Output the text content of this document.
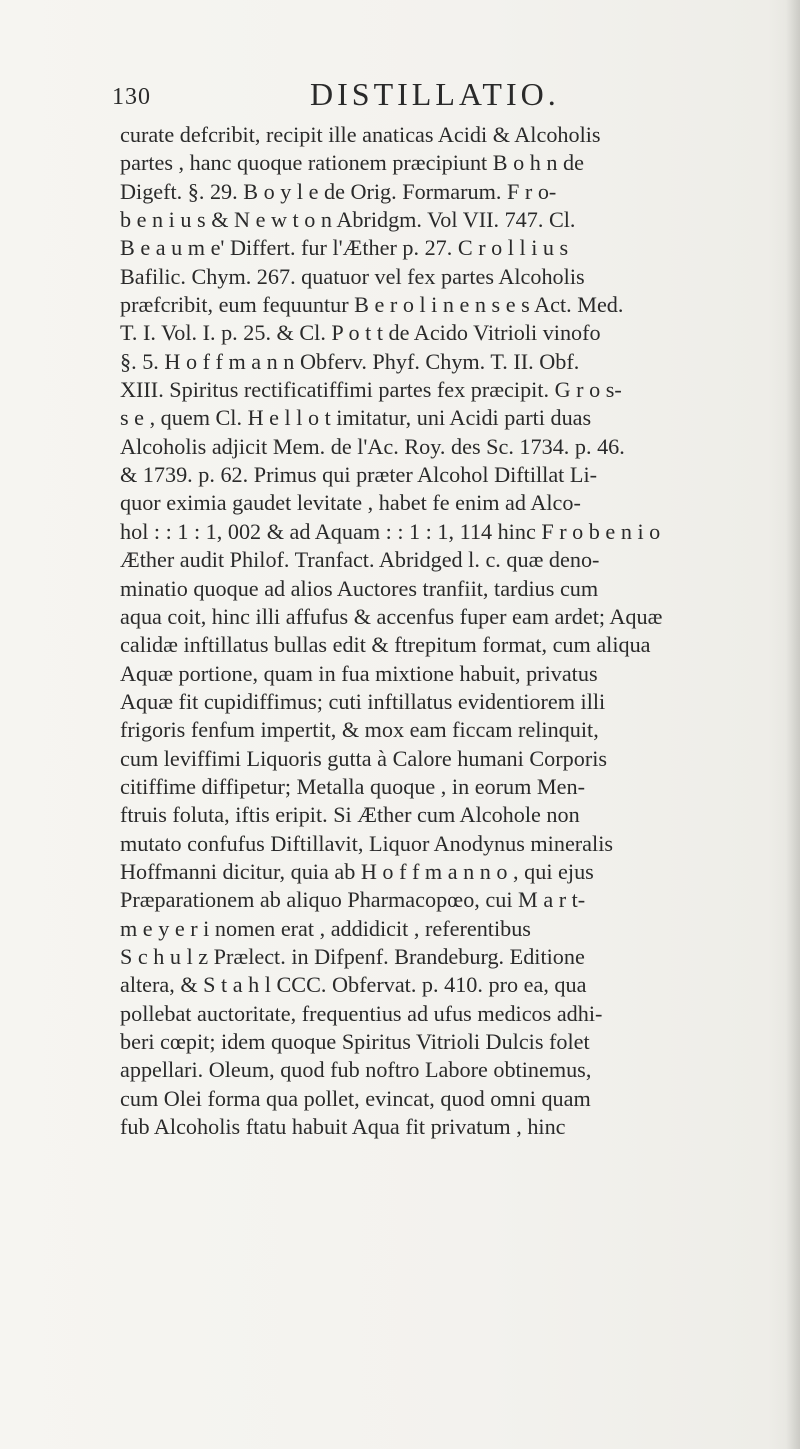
130	DISTILLATIO.
curate defcribit, recipit ille anaticas Acidi & Alcoholis
partes , hanc quoque rationem præcipiunt B o h n de
Digeft. §. 29. B o y l e de Orig. Formarum. F r o-
b e n i u s & N e w t o n Abridgm. Vol VII. 747. Cl.
B e a u m e' Differt. fur l'Æther p. 27. C r o l l i u s
Bafilic. Chym. 267. quatuor vel fex partes Alcoholis
præfcribit, eum fequuntur B e r o l i n e n s e s Act. Med.
T. I. Vol. I. p. 25. & Cl. P o t t de Acido Vitrioli vinofo
§. 5. H o f f m a n n Obferv. Phyf. Chym. T. II. Obf.
XIII. Spiritus rectificatiffimi partes fex præcipit. G r o s-
s e , quem Cl. H e l l o t imitatur, uni Acidi parti duas
Alcoholis adjicit Mem. de l'Ac. Roy. des Sc. 1734. p. 46.
& 1739. p. 62. Primus qui præter Alcohol Diftillat Li-
quor eximia gaudet levitate , habet fe enim ad Alco-
hol : : 1 : 1, 002 & ad Aquam : : 1 : 1, 114 hinc F r o b e n i o
Æther audit Philof. Tranfact. Abridged l. c. quæ deno-
minatio quoque ad alios Auctores tranfiit, tardius cum
aqua coit, hinc illi affufus & accenfus fuper eam ardet; Aquæ
calidæ inftillatus bullas edit & ftrepitum format, cum aliqua
Aquæ portione, quam in fua mixtione habuit, privatus
Aquæ fit cupidiffimus; cuti inftillatus evidentiorem illi
frigoris fenfum impertit, & mox eam ficcam relinquit,
cum leviffimi Liquoris gutta à Calore humani Corporis
citiffime diffipetur; Metalla quoque , in eorum Men-
ftruis foluta, iftis eripit. Si Æther cum Alcohole non
mutato confufus Diftillavit, Liquor Anodynus mineralis
Hoffmanni dicitur, quia ab H o f f m a n n o , qui ejus
Præparationem ab aliquo Pharmacopœo, cui M a r t-
m e y e r i nomen erat , addidicit , referentibus
S c h u l z Prælect. in Difpenf. Brandeburg. Editione
altera, & S t a h l CCC. Obfervat. p. 410. pro ea, qua
pollebat auctoritate, frequentius ad ufus medicos adhi-
beri cœpit; idem quoque Spiritus Vitrioli Dulcis folet
appellari. Oleum, quod fub noftro Labore obtinemus,
cum Olei forma qua pollet, evincat, quod omni quam
fub Alcoholis ftatu habuit Aqua fit privatum , hinc
